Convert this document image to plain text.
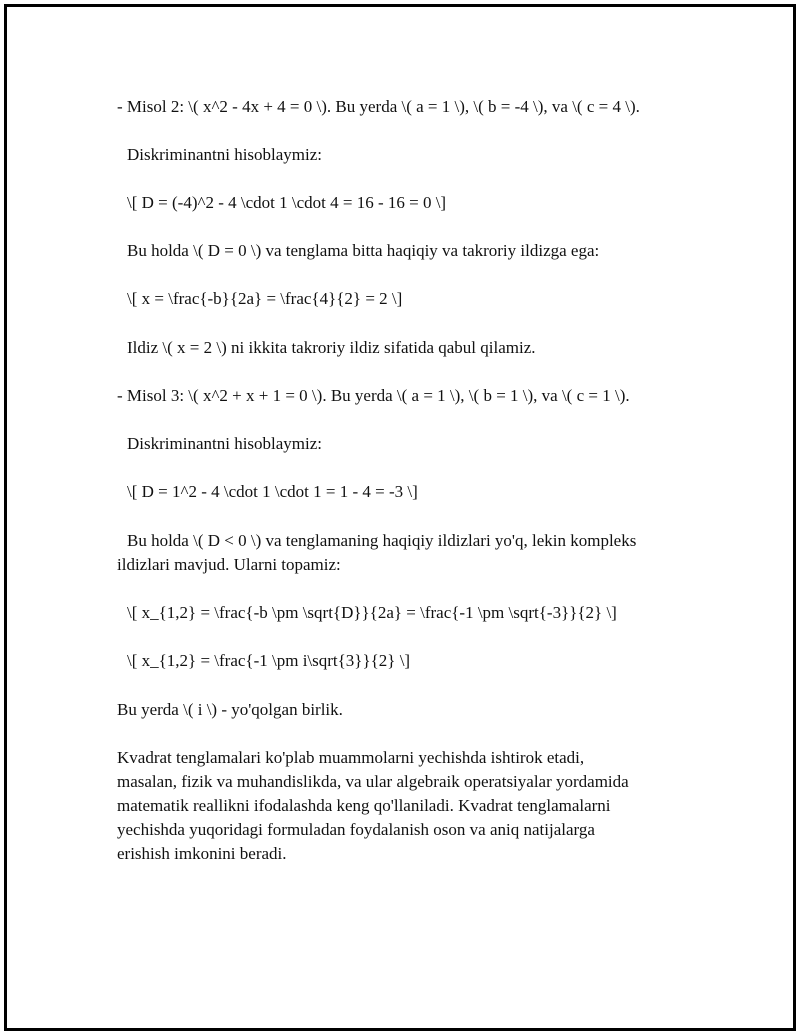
- Misol 2: \( x^2 - 4x + 4 = 0 \). Bu yerda \( a = 1 \), \( b = -4 \), va \( c = 4 \).
Diskriminantni hisoblaymiz:
\[ D = (-4)^2 - 4 \cdot 1 \cdot 4 = 16 - 16 = 0 \]
Bu holda \( D = 0 \) va tenglama bitta haqiqiy va takroriy ildizga ega:
\[ x = \frac{-b}{2a} = \frac{4}{2} = 2 \]
Ildiz \( x = 2 \) ni ikkita takroriy ildiz sifatida qabul qilamiz.
- Misol 3: \( x^2 + x + 1 = 0 \). Bu yerda \( a = 1 \), \( b = 1 \), va \( c = 1 \).
Diskriminantni hisoblaymiz:
\[ D = 1^2 - 4 \cdot 1 \cdot 1 = 1 - 4 = -3 \]
Bu holda \( D < 0 \) va tenglamaning haqiqiy ildizlari yo'q, lekin kompleks
ildizlari mavjud. Ularni topamiz:
\[ x_{1,2} = \frac{-b \pm \sqrt{D}}{2a} = \frac{-1 \pm \sqrt{-3}}{2} \]
\[ x_{1,2} = \frac{-1 \pm i\sqrt{3}}{2} \]
Bu yerda \( i \) - yo'qolgan birlik.
Kvadrat tenglamalari ko'plab muammolarni yechishda ishtirok etadi,
masalan, fizik va muhandislikda, va ular algebraik operatsiyalar yordamida
matematik reallikni ifodalashda keng qo'llaniladi. Kvadrat tenglamalarni
yechishda yuqoridagi formuladan foydalanish oson va aniq natijalarga
erishish imkonini beradi.
